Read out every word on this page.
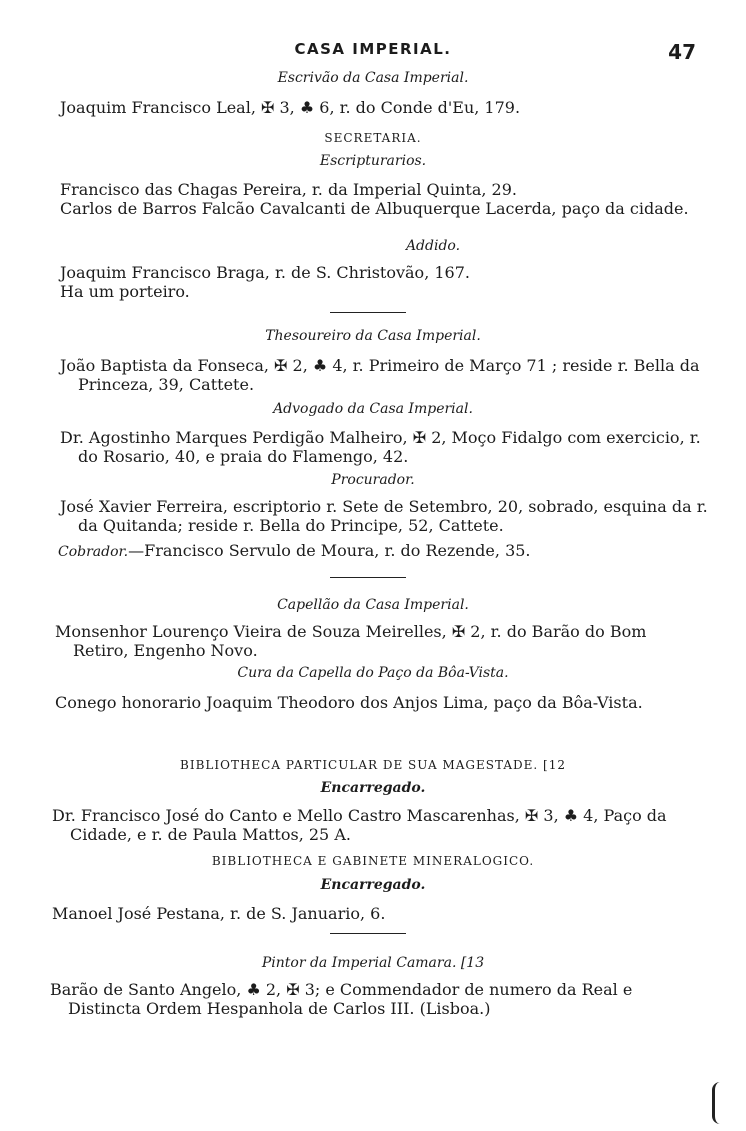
CASA IMPERIAL.	47
Escrivão da Casa Imperial.
Joaquim Francisco Leal, ✠ 3, ♣ 6, r. do Conde d'Eu, 179.
SECRETARIA.
Escripturarios.
Francisco das Chagas Pereira, r. da Imperial Quinta, 29.
Carlos de Barros Falcão Cavalcanti de Albuquerque Lacerda, paço da cidade.
Addido.
Joaquim Francisco Braga, r. de S. Christovão, 167.
Ha um porteiro.
Thesoureiro da Casa Imperial.
João Baptista da Fonseca, ✠ 2, ♣ 4, r. Primeiro de Março 71 ; reside r. Bella da Princeza, 39, Cattete.
Advogado da Casa Imperial.
Dr. Agostinho Marques Perdigão Malheiro, ✠ 2, Moço Fidalgo com exercicio, r. do Rosario, 40, e praia do Flamengo, 42.
Procurador.
José Xavier Ferreira, escriptorio r. Sete de Setembro, 20, sobrado, esquina da r. da Quitanda; reside r. Bella do Principe, 52, Cattete.
Cobrador.—Francisco Servulo de Moura, r. do Rezende, 35.
Capellão da Casa Imperial.
Monsenhor Lourenço Vieira de Souza Meirelles, ✠ 2, r. do Barão do Bom Retiro, Engenho Novo.
Cura da Capella do Paço da Bôa-Vista.
Conego honorario Joaquim Theodoro dos Anjos Lima, paço da Bôa-Vista.
BIBLIOTHECA PARTICULAR DE SUA MAGESTADE. [12
Encarregado.
Dr. Francisco José do Canto e Mello Castro Mascarenhas, ✠ 3, ♣ 4, Paço da Cidade, e r. de Paula Mattos, 25 A.
BIBLIOTHECA E GABINETE MINERALOGICO.
Encarregado.
Manoel José Pestana, r. de S. Januario, 6.
Pintor da Imperial Camara. [13
Barão de Santo Angelo, ♣ 2, ✠ 3; e Commendador de numero da Real e Distincta Ordem Hespanhola de Carlos III. (Lisboa.)
